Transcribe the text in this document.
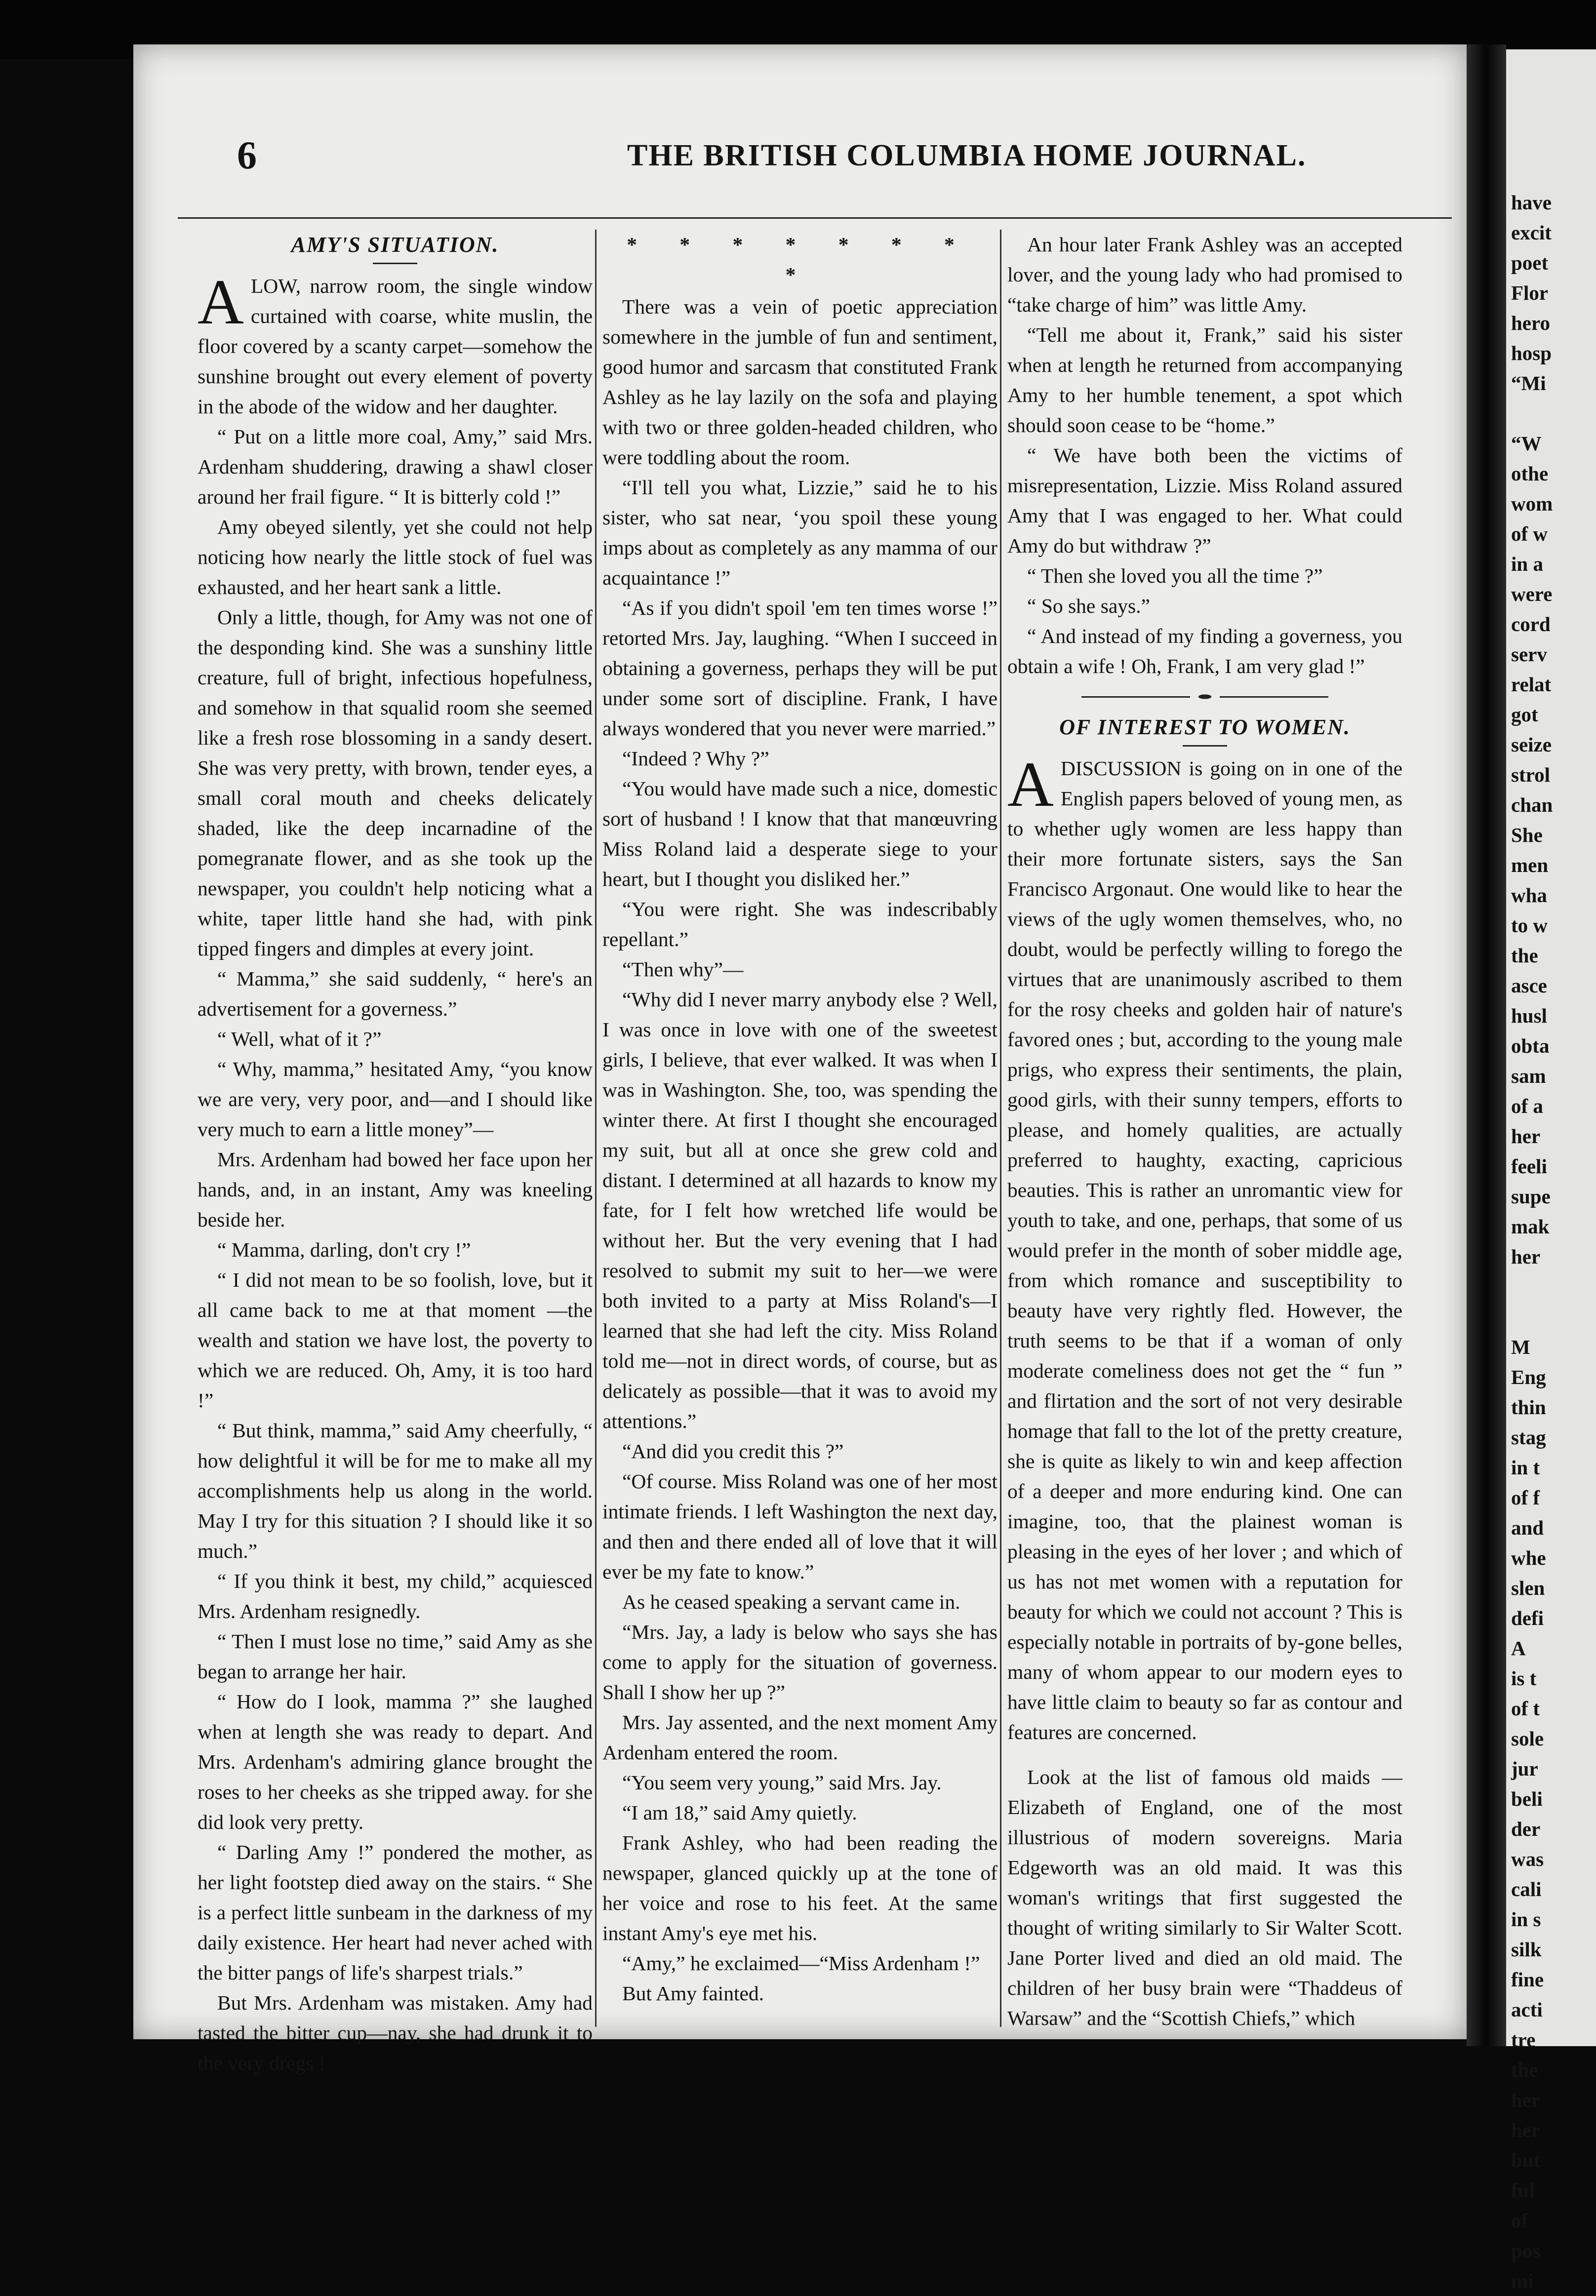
6	THE BRITISH COLUMBIA HOME JOURNAL.
AMY'S SITUATION.

ALOW, narrow room, the single window curtained with coarse, white muslin, the floor covered by a scanty carpet—somehow the sunshine brought out every element of poverty in the abode of the widow and her daughter.

“ Put on a little more coal, Amy,” said Mrs. Ardenham shuddering, drawing a shawl closer around her frail figure. “ It is bitterly cold !”

Amy obeyed silently, yet she could not help noticing how nearly the little stock of fuel was exhausted, and her heart sank a little.

Only a little, though, for Amy was not one of the desponding kind. She was a sunshiny little creature, full of bright, infectious hopefulness, and somehow in that squalid room she seemed like a fresh rose blossoming in a sandy desert. She was very pretty, with brown, tender eyes, a small coral mouth and cheeks delicately shaded, like the deep incarnadine of the pomegranate flower, and as she took up the newspaper, you couldn't help noticing what a white, taper little hand she had, with pink tipped fingers and dimples at every joint.

“ Mamma,” she said suddenly, “ here's an advertisement for a governess.”

“ Well, what of it ?”

“ Why, mamma,” hesitated Amy, “you know we are very, very poor, and—and I should like very much to earn a little money”—

Mrs. Ardenham had bowed her face upon her hands, and, in an instant, Amy was kneeling beside her.

“ Mamma, darling, don't cry !”

“ I did not mean to be so foolish, love, but it all came back to me at that moment —the wealth and station we have lost, the poverty to which we are reduced. Oh, Amy, it is too hard !”

“ But think, mamma,” said Amy cheerfully, “ how delightful it will be for me to make all my accomplishments help us along in the world. May I try for this situation ? I should like it so much.”

“ If you think it best, my child,” acquiesced Mrs. Ardenham resignedly.

“ Then I must lose no time,” said Amy as she began to arrange her hair.

“ How do I look, mamma ?” she laughed when at length she was ready to depart. And Mrs. Ardenham's admiring glance brought the roses to her cheeks as she tripped away. for she did look very pretty.

“ Darling Amy !” pondered the mother, as her light footstep died away on the stairs. “ She is a perfect little sunbeam in the darkness of my daily existence. Her heart had never ached with the bitter pangs of life's sharpest trials.”

But Mrs. Ardenham was mistaken. Amy had tasted the bitter cup—nay, she had drunk it to the very dregs !

* * * * * * * *

There was a vein of poetic appreciation somewhere in the jumble of fun and sentiment, good humor and sarcasm that constituted Frank Ashley as he lay lazily on the sofa and playing with two or three golden-headed children, who were toddling about the room.

“I'll tell you what, Lizzie,” said he to his sister, who sat near, ‘you spoil these young imps about as completely as any mamma of our acquaintance !”

“As if you didn't spoil 'em ten times worse !” retorted Mrs. Jay, laughing. “When I succeed in obtaining a governess, perhaps they will be put under some sort of discipline. Frank, I have always wondered that you never were married.”

“Indeed ? Why ?”

“You would have made such a nice, domestic sort of husband ! I know that that manœuvring Miss Roland laid a desperate siege to your heart, but I thought you disliked her.”

“You were right. She was indescribably repellant.”

“Then why”—

“Why did I never marry anybody else ? Well, I was once in love with one of the sweetest girls, I believe, that ever walked. It was when I was in Washington. She, too, was spending the winter there. At first I thought she encouraged my suit, but all at once she grew cold and distant. I determined at all hazards to know my fate, for I felt how wretched life would be without her. But the very evening that I had resolved to submit my suit to her—we were both invited to a party at Miss Roland's—I learned that she had left the city. Miss Roland told me—not in direct words, of course, but as delicately as possible—that it was to avoid my attentions.”

“And did you credit this ?”

“Of course. Miss Roland was one of her most intimate friends. I left Washington the next day, and then and there ended all of love that it will ever be my fate to know.”

As he ceased speaking a servant came in.

“Mrs. Jay, a lady is below who says she has come to apply for the situation of governess. Shall I show her up ?”

Mrs. Jay assented, and the next moment Amy Ardenham entered the room.

“You seem very young,” said Mrs. Jay.

“I am 18,” said Amy quietly.

Frank Ashley, who had been reading the newspaper, glanced quickly up at the tone of her voice and rose to his feet. At the same instant Amy's eye met his.

“Amy,” he exclaimed—“Miss Ardenham !”

But Amy fainted.

An hour later Frank Ashley was an accepted lover, and the young lady who had promised to “take charge of him” was little Amy.

“Tell me about it, Frank,” said his sister when at length he returned from accompanying Amy to her humble tenement, a spot which should soon cease to be “home.”

“ We have both been the victims of misrepresentation, Lizzie. Miss Roland assured Amy that I was engaged to her. What could Amy do but withdraw ?”

“ Then she loved you all the time ?”

“ So she says.”

“ And instead of my finding a governess, you obtain a wife ! Oh, Frank, I am very glad !”

OF INTEREST TO WOMEN.

ADISCUSSION is going on in one of the English papers beloved of young men, as to whether ugly women are less happy than their more fortunate sisters, says the San Francisco Argonaut. One would like to hear the views of the ugly women themselves, who, no doubt, would be perfectly willing to forego the virtues that are unanimously ascribed to them for the rosy cheeks and golden hair of nature's favored ones ; but, according to the young male prigs, who express their sentiments, the plain, good girls, with their sunny tempers, efforts to please, and homely qualities, are actually preferred to haughty, exacting, capricious beauties. This is rather an unromantic view for youth to take, and one, perhaps, that some of us would prefer in the month of sober middle age, from which romance and susceptibility to beauty have very rightly fled. However, the truth seems to be that if a woman of only moderate comeliness does not get the “ fun ” and flirtation and the sort of not very desirable homage that fall to the lot of the pretty creature, she is quite as likely to win and keep affection of a deeper and more enduring kind. One can imagine, too, that the plainest woman is pleasing in the eyes of her lover ; and which of us has not met women with a reputation for beauty for which we could not account ? This is especially notable in portraits of by-gone belles, many of whom appear to our modern eyes to have little claim to beauty so far as contour and features are concerned.

Look at the list of famous old maids —Elizabeth of England, one of the most illustrious of modern sovereigns. Maria Edgeworth was an old maid. It was this woman's writings that first suggested the thought of writing similarly to Sir Walter Scott. Jane Porter lived and died an old maid. The children of her busy brain were “Thaddeus of Warsaw” and the “Scottish Chiefs,” which

have
excit
poet
Flor
hero
hosp
“Mi

“W
othe
wom
of w
in a
were
cord
serv
relat
got
seize
strol
chan
She
men
wha
to w
the
asce
husl
obta
sam
of a
her
feeli
supe
mak
her

M
Eng
thin
stag
in t
of f
and
whe
slen
defi
A
is t
of t
sole
jur
beli
der
was
cali
in s
silk
fine
acti
tre
the
her
her
but
ful
of
pos
mi
